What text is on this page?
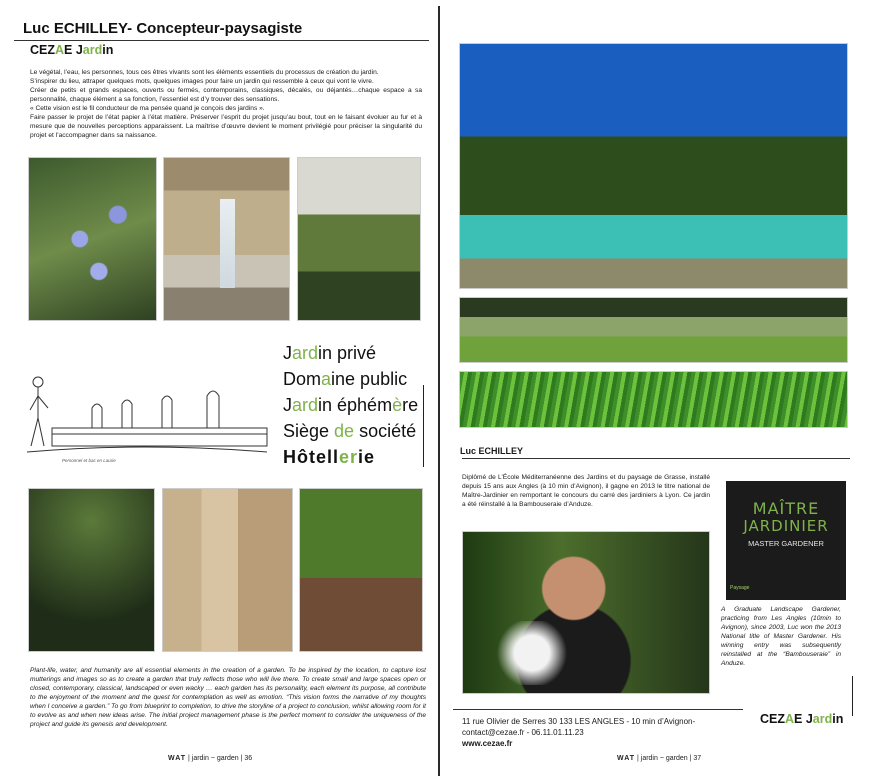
Luc ECHILLEY- Concepteur-paysagiste
CEZAE Jardin

Le végétal, l’eau, les personnes, tous ces êtres vivants sont les éléments essentiels du processus de création du jardin.

S’inspirer du lieu, attraper quelques mots, quelques images pour faire un jardin qui ressemble à ceux qui vont le vivre.

Créer de petits et grands espaces, ouverts ou fermés, contemporains, classiques, décalés, ou déjantés…chaque espace a sa personnalité, chaque élément a sa fonction, l’essentiel est d’y trouver des sensations.

« Cette vision est le fil conducteur de ma pensée quand je conçois des jardins ».

Faire passer le projet de l’état papier à l’état matière. Préserver l’esprit du projet jusqu’au bout, tout en le faisant évoluer au fur et à mesure que de nouvelles perceptions apparaissent. La maîtrise d’œuvre devient le moment privilégié pour préciser la singularité du projet et l’accompagner dans sa naissance.

Personnel et bac en Laurie
Jardin privé
Domaine public
Jardin éphémère
Siège de société
Hôtellerie
Plant-life, water, and humanity are all essential elements in the creation of a garden. To be inspired by the location, to capture lost mutterings and images so as to create a garden that truly reflects those who will live there. To create small and large spaces open or closed, contemporary, classical, landscaped or even wacky … each garden has its personality, each element its purpose, all contribute to the enjoyment of the moment and the quest for contemplation as well as emotion. “This vision forms the narrative of my thoughts when I conceive a garden.” To go from blueprint to completion, to drive the storyline of a project to conclusion, whilst allowing room for it to evolve as and when new ideas arise. The initial project management phase is the perfect moment to consider the uniqueness of the project and guide its genesis and development.
WAT | jardin ~ garden | 36
Luc ECHILLEY
Diplômé de L’École Méditerranéenne des Jardins et du paysage de Grasse, installé depuis 15 ans aux Angles (à 10 min d’Avignon), il gagne en 2013 le titre national de Maître-Jardinier en remportant le concours du carré des jardiniers à Lyon. Ce jardin a été réinstallé à la Bambouseraie d’Anduze.	MAÎTRE
JARDINIER
MASTER GARDENER
Paysage
A Graduate Landscape Gardener, practicing from Les Angles (10min to Avignon), since 2003, Luc won the 2013 National title of Master Gardener. His winning entry was subsequently reinstalled at the “Bambouseraie” in Anduze.
11 rue Olivier de Serres 30 133 LES ANGLES - 10 min d’Avignon-
contact@cezae.fr - 06.11.01.11.23
www.cezae.fr
CEZAE Jardin
WAT | jardin ~ garden | 37
